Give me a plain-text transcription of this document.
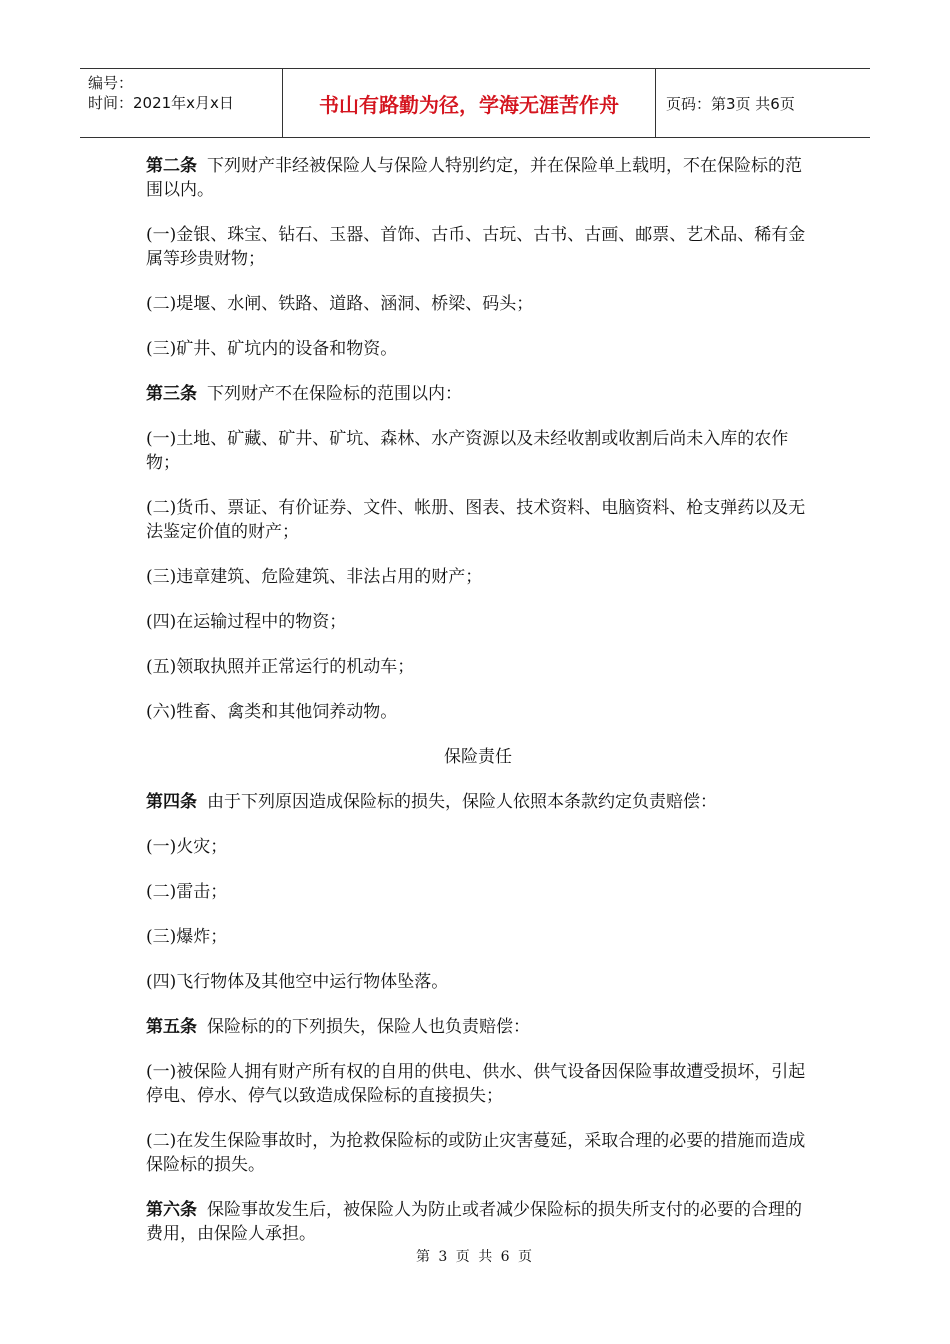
编号：
时间：2021年x月x日	书山有路勤为径，学海无涯苦作舟	页码：第3页 共6页
第二条 下列财产非经被保险人与保险人特别约定，并在保险单上载明，不在保险标的范围以内。
(一)金银、珠宝、钻石、玉器、首饰、古币、古玩、古书、古画、邮票、艺术品、稀有金属等珍贵财物；
(二)堤堰、水闸、铁路、道路、涵洞、桥梁、码头；
(三)矿井、矿坑内的设备和物资。
第三条 下列财产不在保险标的范围以内：
(一)土地、矿藏、矿井、矿坑、森林、水产资源以及未经收割或收割后尚未入库的农作物；
(二)货币、票证、有价证券、文件、帐册、图表、技术资料、电脑资料、枪支弹药以及无法鉴定价值的财产；
(三)违章建筑、危险建筑、非法占用的财产；
(四)在运输过程中的物资；
(五)领取执照并正常运行的机动车；
(六)牲畜、禽类和其他饲养动物。
保险责任
第四条 由于下列原因造成保险标的损失，保险人依照本条款约定负责赔偿：
(一)火灾；
(二)雷击；
(三)爆炸；
(四)飞行物体及其他空中运行物体坠落。
第五条 保险标的的下列损失，保险人也负责赔偿：
(一)被保险人拥有财产所有权的自用的供电、供水、供气设备因保险事故遭受损坏，引起停电、停水、停气以致造成保险标的直接损失；
(二)在发生保险事故时，为抢救保险标的或防止灾害蔓延，采取合理的必要的措施而造成保险标的损失。
第六条 保险事故发生后，被保险人为防止或者减少保险标的损失所支付的必要的合理的费用，由保险人承担。
第 3 页 共 6 页
